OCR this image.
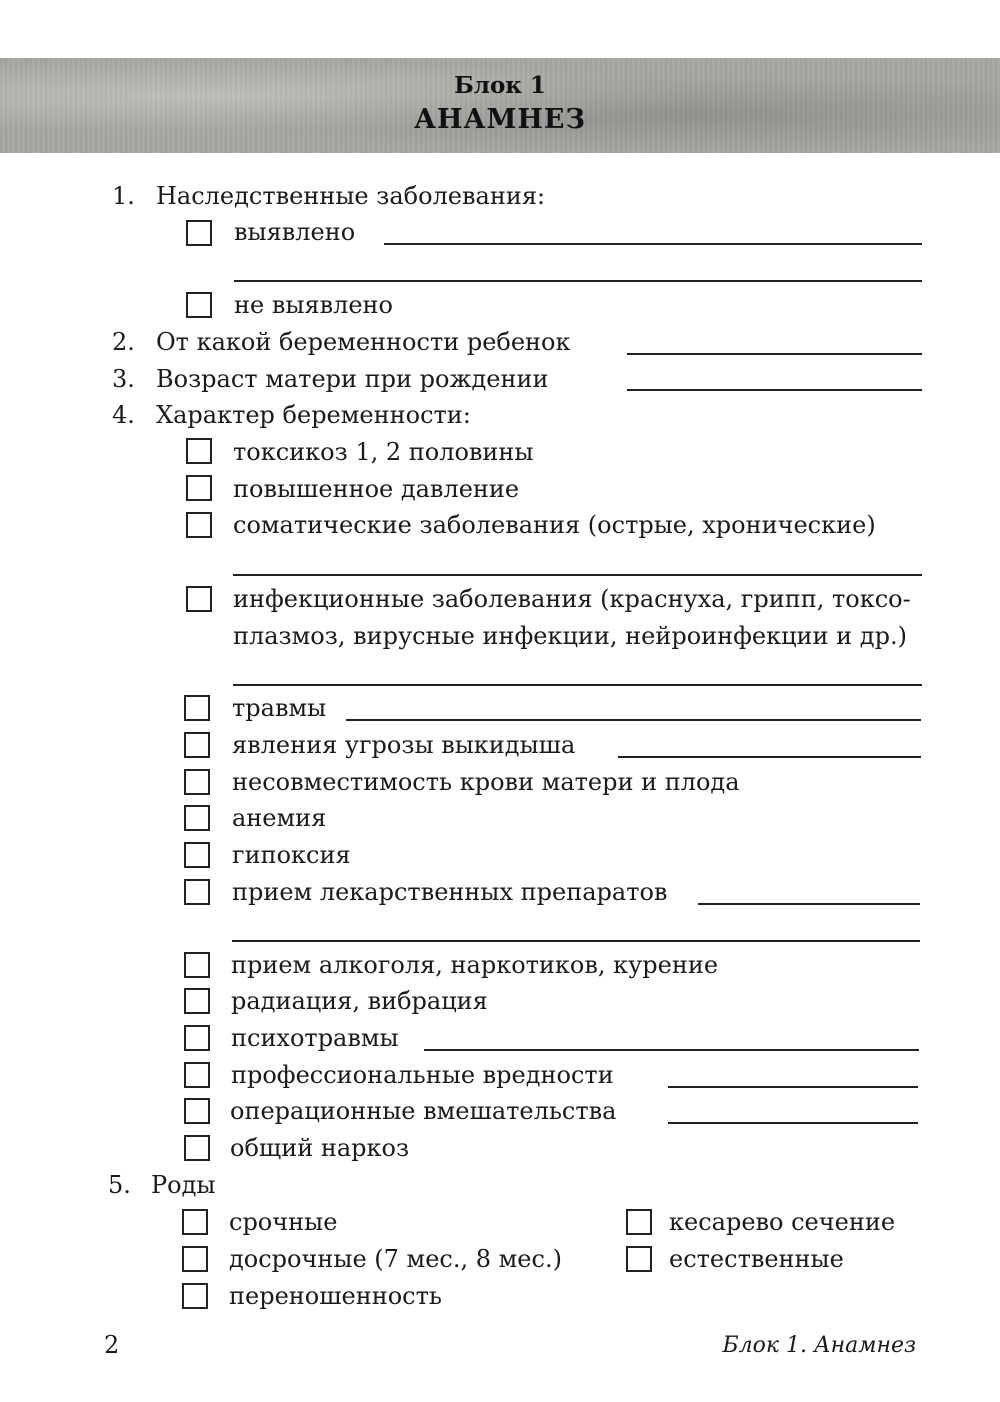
Блок 1
АНАМНЕЗ
1. Наследственные заболевания:
выявлено
не выявлено
2. От какой беременности ребенок
3. Возраст матери при рождении
4. Характер беременности:
токсикоз 1, 2 половины
повышенное давление
соматические заболевания (острые, хронические)
инфекционные заболевания (краснуха, грипп, токсо-
плазмоз, вирусные инфекции, нейроинфекции и др.)
травмы
явления угрозы выкидыша
несовместимость крови матери и плода
анемия
гипоксия
прием лекарственных препаратов
прием алкоголя, наркотиков, курение
радиация, вибрация
психотравмы
профессиональные вредности
операционные вмешательства
общий наркоз
5. Роды
срочные	кесарево сечение
досрочные (7 мес., 8 мес.)	естественные
переношенность
2	Блок 1. Анамнез
